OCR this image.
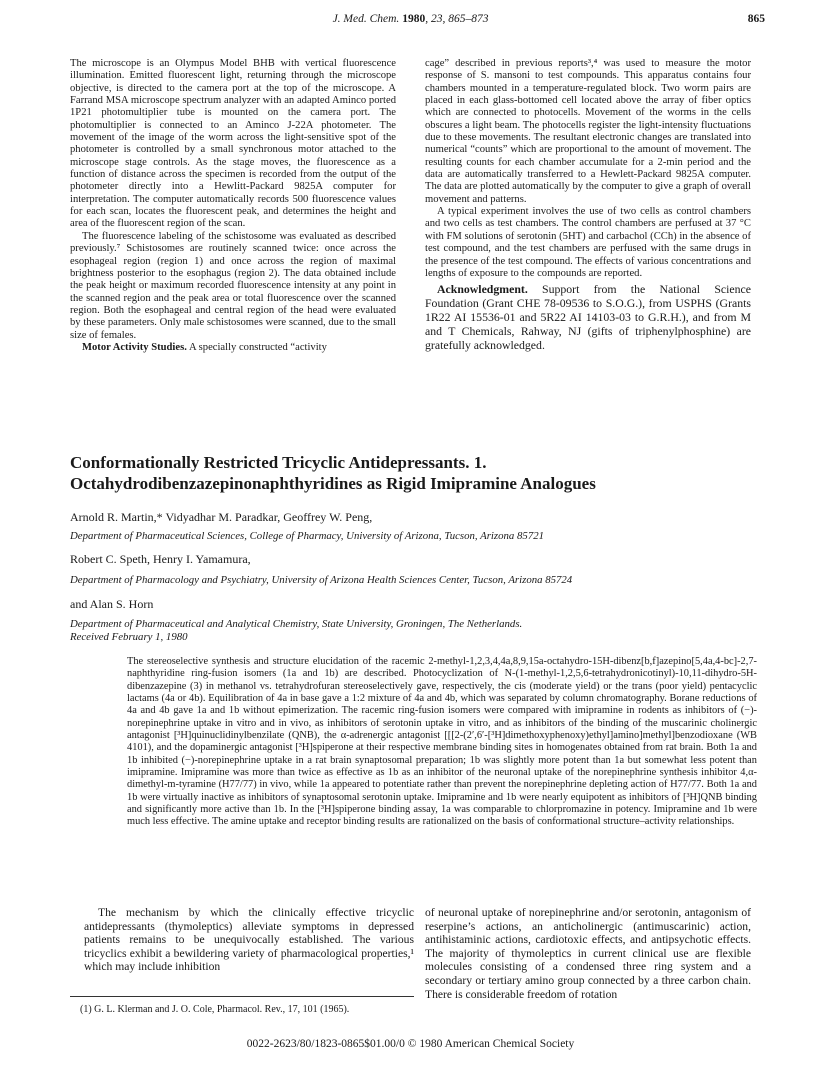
J. Med. Chem. 1980, 23, 865–873	865

The microscope is an Olympus Model BHB with vertical fluorescence illumination. Emitted fluorescent light, returning through the microscope objective, is directed to the camera port at the top of the microscope. A Farrand MSA microscope spectrum analyzer with an adapted Aminco ported 1P21 photomultiplier tube is mounted on the camera port. The photomultiplier is connected to an Aminco J-22A photometer. The movement of the image of the worm across the light-sensitive spot of the photometer is controlled by a small synchronous motor attached to the microscope stage controls. As the stage moves, the fluorescence as a function of distance across the specimen is recorded from the output of the photometer directly into a Hewlitt-Packard 9825A computer for interpretation. The computer automatically records 500 fluorescence values for each scan, locates the fluorescent peak, and determines the height and area of the fluorescent region of the scan.

The fluorescence labeling of the schistosome was evaluated as described previously.⁷ Schistosomes are routinely scanned twice: once across the esophageal region (region 1) and once across the region of maximal brightness posterior to the esophagus (region 2). The data obtained include the peak height or maximum recorded fluorescence intensity at any point in the scanned region and the peak area or total fluorescence over the scanned region. Both the esophageal and central region of the head were evaluated by these parameters. Only male schistosomes were scanned, due to the small size of females.

Motor Activity Studies. A specially constructed “activity

cage” described in previous reports³,⁴ was used to measure the motor response of S. mansoni to test compounds. This apparatus contains four chambers mounted in a temperature-regulated block. Two worm pairs are placed in each glass-bottomed cell located above the array of fiber optics which are connected to photocells. Movement of the worms in the cells obscures a light beam. The photocells register the light-intensity fluctuations due to these movements. The resultant electronic changes are translated into numerical “counts” which are proportional to the amount of movement. The resulting counts for each chamber accumulate for a 2-min period and the data are automatically transferred to a Hewlett-Packard 9825A computer. The data are plotted automatically by the computer to give a graph of overall movement and patterns.

A typical experiment involves the use of two cells as control chambers and two cells as test chambers. The control chambers are perfused at 37 °C with FM solutions of serotonin (5HT) and carbachol (CCh) in the absence of test compound, and the test chambers are perfused with the same drugs in the presence of the test compound. The effects of various concentrations and lengths of exposure to the compounds are reported.

Acknowledgment. Support from the National Science Foundation (Grant CHE 78-09536 to S.O.G.), from USPHS (Grants 1R22 AI 15536-01 and 5R22 AI 14103-03 to G.R.H.), and from M and T Chemicals, Rahway, NJ (gifts of triphenylphosphine) are gratefully acknowledged.

Conformationally Restricted Tricyclic Antidepressants. 1.
Octahydrodibenzazepinonaphthyridines as Rigid Imipramine Analogues
Arnold R. Martin,* Vidyadhar M. Paradkar, Geoffrey W. Peng,
Department of Pharmaceutical Sciences, College of Pharmacy, University of Arizona, Tucson, Arizona 85721
Robert C. Speth, Henry I. Yamamura,
Department of Pharmacology and Psychiatry, University of Arizona Health Sciences Center, Tucson, Arizona 85724
and Alan S. Horn
Department of Pharmaceutical and Analytical Chemistry, State University, Groningen, The Netherlands.
Received February 1, 1980
The stereoselective synthesis and structure elucidation of the racemic 2-methyl-1,2,3,4,4a,8,9,15a-octahydro-15H-dibenz[b,f]azepino[5,4a,4-bc]-2,7-naphthyridine ring-fusion isomers (1a and 1b) are described. Photocyclization of N-(1-methyl-1,2,5,6-tetrahydronicotinyl)-10,11-dihydro-5H-dibenzazepine (3) in methanol vs. tetrahydrofuran stereoselectively gave, respectively, the cis (moderate yield) or the trans (poor yield) pentacyclic lactams (4a or 4b). Equilibration of 4a in base gave a 1:2 mixture of 4a and 4b, which was separated by column chromatography. Borane reductions of 4a and 4b gave 1a and 1b without epimerization. The racemic ring-fusion isomers were compared with imipramine in rodents as inhibitors of (−)-norepinephrine uptake in vitro and in vivo, as inhibitors of serotonin uptake in vitro, and as inhibitors of the binding of the muscarinic cholinergic antagonist [³H]quinuclidinylbenzilate (QNB), the α-adrenergic antagonist [[[2-(2′,6′-[³H]dimethoxyphenoxy)ethyl]amino]methyl]benzodioxane (WB 4101), and the dopaminergic antagonist [³H]spiperone at their respective membrane binding sites in homogenates obtained from rat brain. Both 1a and 1b inhibited (−)-norepinephrine uptake in a rat brain synaptosomal preparation; 1b was slightly more potent than 1a but somewhat less potent than imipramine. Imipramine was more than twice as effective as 1b as an inhibitor of the neuronal uptake of the norepinephrine synthesis inhibitor 4,α-dimethyl-m-tyramine (H77/77) in vivo, while 1a appeared to potentiate rather than prevent the norepinephrine depleting action of H77/77. Both 1a and 1b were virtually inactive as inhibitors of synaptosomal serotonin uptake. Imipramine and 1b were nearly equipotent as inhibitors of [³H]QNB binding and significantly more active than 1b. In the [³H]spiperone binding assay, 1a was comparable to chlorpromazine in potency. Imipramine and 1b were much less effective. The amine uptake and receptor binding results are rationalized on the basis of conformational structure–activity relationships.

The mechanism by which the clinically effective tricyclic antidepressants (thymoleptics) alleviate symptoms in depressed patients remains to be unequivocally established. The various tricyclics exhibit a bewildering variety of pharmacological properties,¹ which may include inhibition

of neuronal uptake of norepinephrine and/or serotonin, antagonism of reserpine’s actions, an anticholinergic (antimuscarinic) action, antihistaminic actions, cardiotoxic effects, and antipsychotic effects. The majority of thymoleptics in current clinical use are flexible molecules consisting of a condensed three ring system and a secondary or tertiary amino group connected by a three carbon chain. There is considerable freedom of rotation

(1) G. L. Klerman and J. O. Cole, Pharmacol. Rev., 17, 101 (1965).
0022-2623/80/1823-0865$01.00/0 © 1980 American Chemical Society
